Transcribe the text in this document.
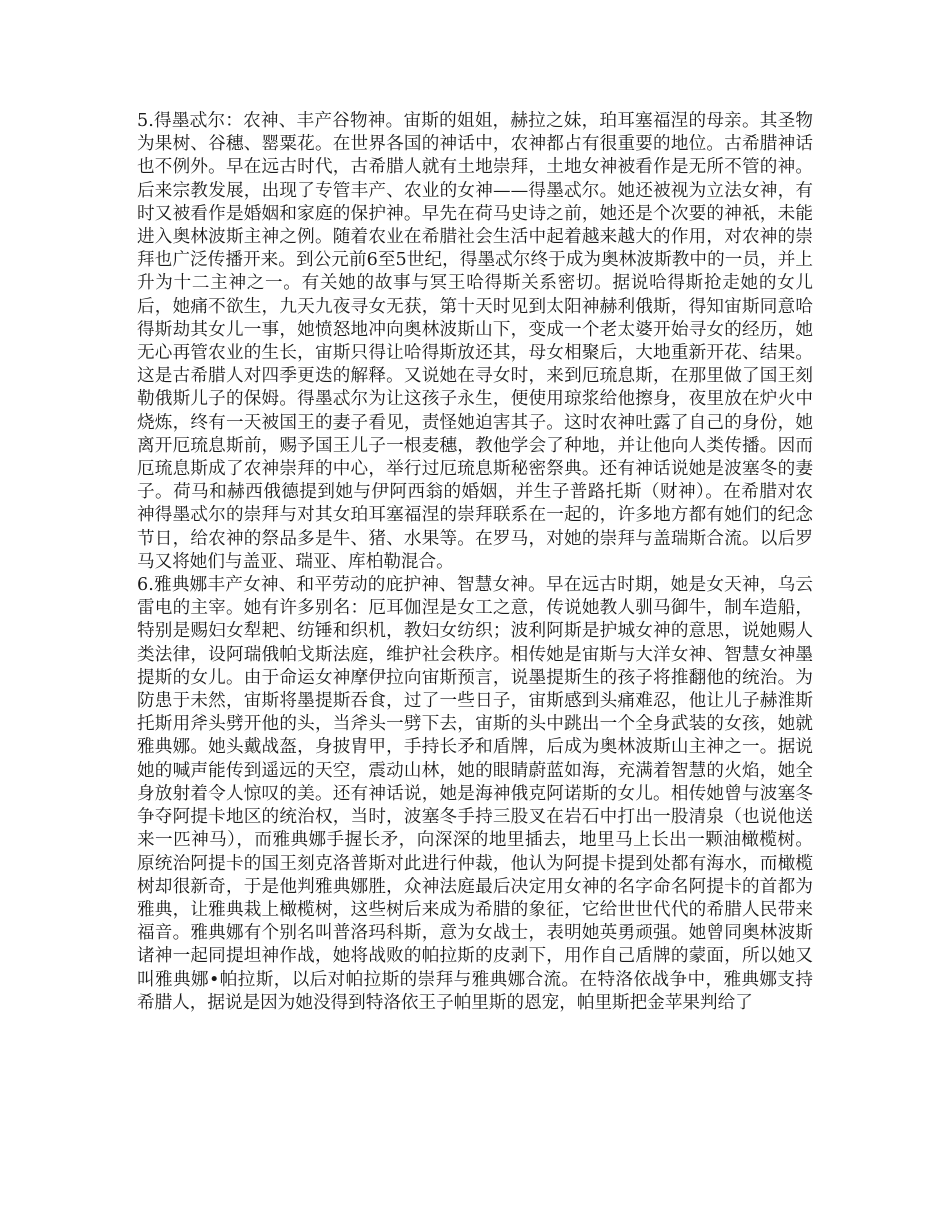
5.得墨忒尔：农神、丰产谷物神。宙斯的姐姐，赫拉之妹，珀耳塞福涅的母亲。其圣物为果树、谷穗、罂粟花。在世界各国的神话中，农神都占有很重要的地位。古希腊神话也不例外。早在远古时代，古希腊人就有土地崇拜，土地女神被看作是无所不管的神。后来宗教发展，出现了专管丰产、农业的女神——得墨忒尔。她还被视为立法女神，有时又被看作是婚姻和家庭的保护神。早先在荷马史诗之前，她还是个次要的神祇，未能进入奥林波斯主神之例。随着农业在希腊社会生活中起着越来越大的作用，对农神的崇拜也广泛传播开来。到公元前6至5世纪，得墨忒尔终于成为奥林波斯教中的一员，并上升为十二主神之一。有关她的故事与冥王哈得斯关系密切。据说哈得斯抢走她的女儿后，她痛不欲生，九天九夜寻女无获，第十天时见到太阳神赫利俄斯，得知宙斯同意哈得斯劫其女儿一事，她愤怒地冲向奥林波斯山下，变成一个老太婆开始寻女的经历，她无心再管农业的生长，宙斯只得让哈得斯放还其，母女相聚后，大地重新开花、结果。这是古希腊人对四季更迭的解释。又说她在寻女时，来到厄琉息斯，在那里做了国王刻勒俄斯儿子的保姆。得墨忒尔为让这孩子永生，便使用琼浆给他擦身，夜里放在炉火中烧炼，终有一天被国王的妻子看见，责怪她迫害其子。这时农神吐露了自己的身份，她离开厄琉息斯前，赐予国王儿子一根麦穗，教他学会了种地，并让他向人类传播。因而厄琉息斯成了农神崇拜的中心，举行过厄琉息斯秘密祭典。还有神话说她是波塞冬的妻子。荷马和赫西俄德提到她与伊阿西翁的婚姻，并生子普路托斯（财神）。在希腊对农神得墨忒尔的崇拜与对其女珀耳塞福涅的崇拜联系在一起的，许多地方都有她们的纪念节日，给农神的祭品多是牛、猪、水果等。在罗马，对她的崇拜与盖瑞斯合流。以后罗马又将她们与盖亚、瑞亚、库柏勒混合。

6.雅典娜丰产女神、和平劳动的庇护神、智慧女神。早在远古时期，她是女天神，乌云雷电的主宰。她有许多别名：厄耳伽涅是女工之意，传说她教人驯马御牛，制车造船，特别是赐妇女犁耙、纺锤和织机，教妇女纺织；波利阿斯是护城女神的意思，说她赐人类法律，设阿瑞俄帕戈斯法庭，维护社会秩序。相传她是宙斯与大洋女神、智慧女神墨提斯的女儿。由于命运女神摩伊拉向宙斯预言，说墨提斯生的孩子将推翻他的统治。为防患于未然，宙斯将墨提斯吞食，过了一些日子，宙斯感到头痛难忍，他让儿子赫淮斯托斯用斧头劈开他的头，当斧头一劈下去，宙斯的头中跳出一个全身武装的女孩，她就雅典娜。她头戴战盔，身披胄甲，手持长矛和盾牌，后成为奥林波斯山主神之一。据说她的喊声能传到遥远的天空，震动山林，她的眼睛蔚蓝如海，充满着智慧的火焰，她全身放射着令人惊叹的美。还有神话说，她是海神俄克阿诺斯的女儿。相传她曾与波塞冬争夺阿提卡地区的统治权，当时，波塞冬手持三股叉在岩石中打出一股清泉（也说他送来一匹神马），而雅典娜手握长矛，向深深的地里插去，地里马上长出一颗油橄榄树。原统治阿提卡的国王刻克洛普斯对此进行仲裁，他认为阿提卡提到处都有海水，而橄榄树却很新奇，于是他判雅典娜胜，众神法庭最后决定用女神的名字命名阿提卡的首都为雅典，让雅典栽上橄榄树，这些树后来成为希腊的象征，它给世世代代的希腊人民带来福音。雅典娜有个别名叫普洛玛科斯，意为女战士，表明她英勇顽强。她曾同奥林波斯诸神一起同提坦神作战，她将战败的帕拉斯的皮剥下，用作自己盾牌的蒙面，所以她又叫雅典娜•帕拉斯，以后对帕拉斯的崇拜与雅典娜合流。在特洛依战争中，雅典娜支持希腊人，据说是因为她没得到特洛依王子帕里斯的恩宠，帕里斯把金苹果判给了
